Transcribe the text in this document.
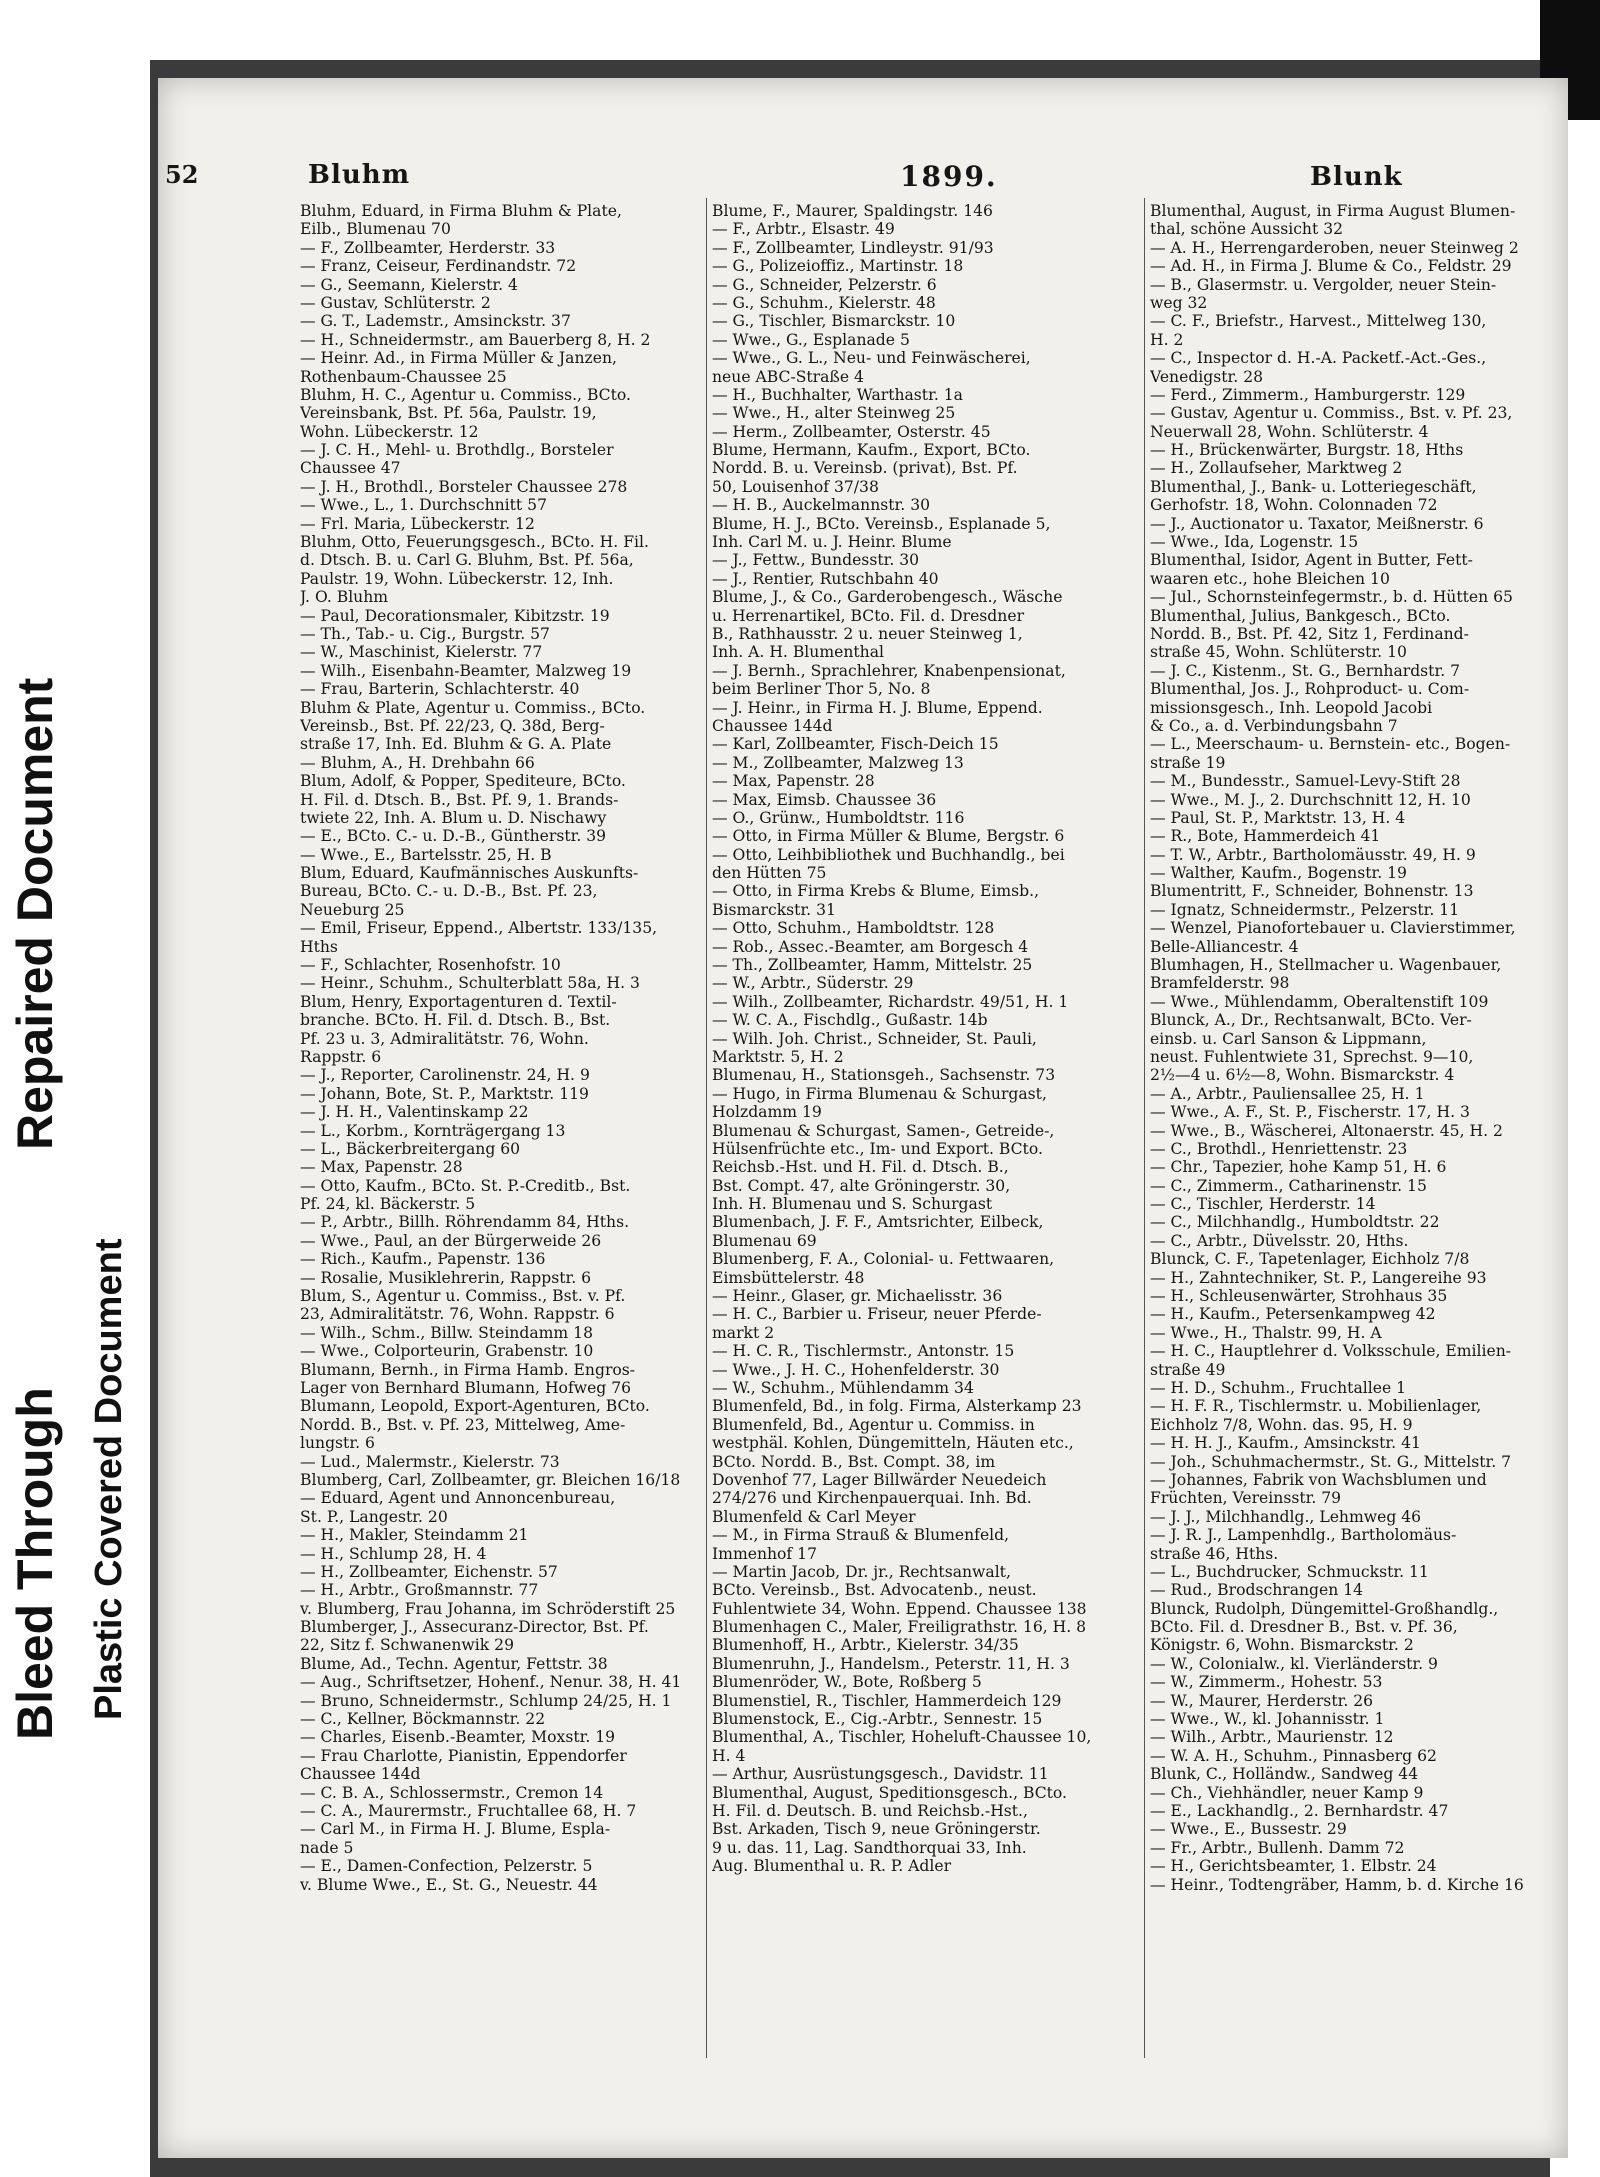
Bleed Through
Repaired Document
Plastic Covered Document
52	Bluhm	1899.	Blunk
Bluhm, Eduard, in Firma Bluhm & Plate,
Eilb., Blumenau 70
— F., Zollbeamter, Herderstr. 33
— Franz, Ceiseur, Ferdinandstr. 72
— G., Seemann, Kielerstr. 4
— Gustav, Schlüterstr. 2
— G. T., Lademstr., Amsinckstr. 37
— H., Schneidermstr., am Bauerberg 8, H. 2
— Heinr. Ad., in Firma Müller & Janzen,
Rothenbaum-Chaussee 25
Bluhm, H. C., Agentur u. Commiss., BCto.
Vereinsbank, Bst. Pf. 56a, Paulstr. 19,
Wohn. Lübeckerstr. 12
— J. C. H., Mehl- u. Brothdlg., Borsteler
Chaussee 47
— J. H., Brothdl., Borsteler Chaussee 278
— Wwe., L., 1. Durchschnitt 57
— Frl. Maria, Lübeckerstr. 12
Bluhm, Otto, Feuerungsgesch., BCto. H. Fil.
d. Dtsch. B. u. Carl G. Bluhm, Bst. Pf. 56a,
Paulstr. 19, Wohn. Lübeckerstr. 12, Inh.
J. O. Bluhm
— Paul, Decorationsmaler, Kibitzstr. 19
— Th., Tab.- u. Cig., Burgstr. 57
— W., Maschinist, Kielerstr. 77
— Wilh., Eisenbahn-Beamter, Malzweg 19
— Frau, Barterin, Schlachterstr. 40
Bluhm & Plate, Agentur u. Commiss., BCto.
Vereinsb., Bst. Pf. 22/23, Q. 38d, Berg-
straße 17, Inh. Ed. Bluhm & G. A. Plate
— Bluhm, A., H. Drehbahn 66
Blum, Adolf, & Popper, Spediteure, BCto.
H. Fil. d. Dtsch. B., Bst. Pf. 9, 1. Brands-
twiete 22, Inh. A. Blum u. D. Nischawy
— E., BCto. C.- u. D.-B., Güntherstr. 39
— Wwe., E., Bartelsstr. 25, H. B
Blum, Eduard, Kaufmännisches Auskunfts-
Bureau, BCto. C.- u. D.-B., Bst. Pf. 23,
Neueburg 25
— Emil, Friseur, Eppend., Albertstr. 133/135,
Hths
— F., Schlachter, Rosenhofstr. 10
— Heinr., Schuhm., Schulterblatt 58a, H. 3
Blum, Henry, Exportagenturen d. Textil-
branche. BCto. H. Fil. d. Dtsch. B., Bst.
Pf. 23 u. 3, Admiralitätstr. 76, Wohn.
Rappstr. 6
— J., Reporter, Carolinenstr. 24, H. 9
— Johann, Bote, St. P., Marktstr. 119
— J. H. H., Valentinskamp 22
— L., Korbm., Kornträgergang 13
— L., Bäckerbreitergang 60
— Max, Papenstr. 28
— Otto, Kaufm., BCto. St. P.-Creditb., Bst.
Pf. 24, kl. Bäckerstr. 5
— P., Arbtr., Billh. Röhrendamm 84, Hths.
— Wwe., Paul, an der Bürgerweide 26
— Rich., Kaufm., Papenstr. 136
— Rosalie, Musiklehrerin, Rappstr. 6
Blum, S., Agentur u. Commiss., Bst. v. Pf.
23, Admiralitätstr. 76, Wohn. Rappstr. 6
— Wilh., Schm., Billw. Steindamm 18
— Wwe., Colporteurin, Grabenstr. 10
Blumann, Bernh., in Firma Hamb. Engros-
Lager von Bernhard Blumann, Hofweg 76
Blumann, Leopold, Export-Agenturen, BCto.
Nordd. B., Bst. v. Pf. 23, Mittelweg, Ame-
lungstr. 6
— Lud., Malermstr., Kielerstr. 73
Blumberg, Carl, Zollbeamter, gr. Bleichen 16/18
— Eduard, Agent und Annoncenbureau,
St. P., Langestr. 20
— H., Makler, Steindamm 21
— H., Schlump 28, H. 4
— H., Zollbeamter, Eichenstr. 57
— H., Arbtr., Großmannstr. 77
v. Blumberg, Frau Johanna, im Schröderstift 25
Blumberger, J., Assecuranz-Director, Bst. Pf.
22, Sitz f. Schwanenwik 29
Blume, Ad., Techn. Agentur, Fettstr. 38
— Aug., Schriftsetzer, Hohenf., Nenur. 38, H. 41
— Bruno, Schneidermstr., Schlump 24/25, H. 1
— C., Kellner, Böckmannstr. 22
— Charles, Eisenb.-Beamter, Moxstr. 19
— Frau Charlotte, Pianistin, Eppendorfer
Chaussee 144d
— C. B. A., Schlossermstr., Cremon 14
— C. A., Maurermstr., Fruchtallee 68, H. 7
— Carl M., in Firma H. J. Blume, Espla-
nade 5
— E., Damen-Confection, Pelzerstr. 5
v. Blume Wwe., E., St. G., Neuestr. 44
Blume, F., Maurer, Spaldingstr. 146
— F., Arbtr., Elsastr. 49
— F., Zollbeamter, Lindleystr. 91/93
— G., Polizeioffiz., Martinstr. 18
— G., Schneider, Pelzerstr. 6
— G., Schuhm., Kielerstr. 48
— G., Tischler, Bismarckstr. 10
— Wwe., G., Esplanade 5
— Wwe., G. L., Neu- und Feinwäscherei,
neue ABC-Straße 4
— H., Buchhalter, Warthastr. 1a
— Wwe., H., alter Steinweg 25
— Herm., Zollbeamter, Osterstr. 45
Blume, Hermann, Kaufm., Export, BCto.
Nordd. B. u. Vereinsb. (privat), Bst. Pf.
50, Louisenhof 37/38
— H. B., Auckelmannstr. 30
Blume, H. J., BCto. Vereinsb., Esplanade 5,
Inh. Carl M. u. J. Heinr. Blume
— J., Fettw., Bundesstr. 30
— J., Rentier, Rutschbahn 40
Blume, J., & Co., Garderobengesch., Wäsche
u. Herrenartikel, BCto. Fil. d. Dresdner
B., Rathhausstr. 2 u. neuer Steinweg 1,
Inh. A. H. Blumenthal
— J. Bernh., Sprachlehrer, Knabenpensionat,
beim Berliner Thor 5, No. 8
— J. Heinr., in Firma H. J. Blume, Eppend.
Chaussee 144d
— Karl, Zollbeamter, Fisch-Deich 15
— M., Zollbeamter, Malzweg 13
— Max, Papenstr. 28
— Max, Eimsb. Chaussee 36
— O., Grünw., Humboldtstr. 116
— Otto, in Firma Müller & Blume, Bergstr. 6
— Otto, Leihbibliothek und Buchhandlg., bei
den Hütten 75
— Otto, in Firma Krebs & Blume, Eimsb.,
Bismarckstr. 31
— Otto, Schuhm., Hamboldtstr. 128
— Rob., Assec.-Beamter, am Borgesch 4
— Th., Zollbeamter, Hamm, Mittelstr. 25
— W., Arbtr., Süderstr. 29
— Wilh., Zollbeamter, Richardstr. 49/51, H. 1
— W. C. A., Fischdlg., Gußastr. 14b
— Wilh. Joh. Christ., Schneider, St. Pauli,
Marktstr. 5, H. 2
Blumenau, H., Stationsgeh., Sachsenstr. 73
— Hugo, in Firma Blumenau & Schurgast,
Holzdamm 19
Blumenau & Schurgast, Samen-, Getreide-,
Hülsenfrüchte etc., Im- und Export. BCto.
Reichsb.-Hst. und H. Fil. d. Dtsch. B.,
Bst. Compt. 47, alte Gröningerstr. 30,
Inh. H. Blumenau und S. Schurgast
Blumenbach, J. F. F., Amtsrichter, Eilbeck,
Blumenau 69
Blumenberg, F. A., Colonial- u. Fettwaaren,
Eimsbüttelerstr. 48
— Heinr., Glaser, gr. Michaelisstr. 36
— H. C., Barbier u. Friseur, neuer Pferde-
markt 2
— H. C. R., Tischlermstr., Antonstr. 15
— Wwe., J. H. C., Hohenfelderstr. 30
— W., Schuhm., Mühlendamm 34
Blumenfeld, Bd., in folg. Firma, Alsterkamp 23
Blumenfeld, Bd., Agentur u. Commiss. in
westphäl. Kohlen, Düngemitteln, Häuten etc.,
BCto. Nordd. B., Bst. Compt. 38, im
Dovenhof 77, Lager Billwärder Neuedeich
274/276 und Kirchenpauerquai. Inh. Bd.
Blumenfeld & Carl Meyer
— M., in Firma Strauß & Blumenfeld,
Immenhof 17
— Martin Jacob, Dr. jr., Rechtsanwalt,
BCto. Vereinsb., Bst. Advocatenb., neust.
Fuhlentwiete 34, Wohn. Eppend. Chaussee 138
Blumenhagen C., Maler, Freiligrathstr. 16, H. 8
Blumenhoff, H., Arbtr., Kielerstr. 34/35
Blumenruhn, J., Handelsm., Peterstr. 11, H. 3
Blumenröder, W., Bote, Roßberg 5
Blumenstiel, R., Tischler, Hammerdeich 129
Blumenstock, E., Cig.-Arbtr., Sennestr. 15
Blumenthal, A., Tischler, Hoheluft-Chaussee 10,
H. 4
— Arthur, Ausrüstungsgesch., Davidstr. 11
Blumenthal, August, Speditionsgesch., BCto.
H. Fil. d. Deutsch. B. und Reichsb.-Hst.,
Bst. Arkaden, Tisch 9, neue Gröningerstr.
9 u. das. 11, Lag. Sandthorquai 33, Inh.
Aug. Blumenthal u. R. P. Adler
Blumenthal, August, in Firma August Blumen-
thal, schöne Aussicht 32
— A. H., Herrengarderoben, neuer Steinweg 2
— Ad. H., in Firma J. Blume & Co., Feldstr. 29
— B., Glasermstr. u. Vergolder, neuer Stein-
weg 32
— C. F., Briefstr., Harvest., Mittelweg 130,
H. 2
— C., Inspector d. H.-A. Packetf.-Act.-Ges.,
Venedigstr. 28
— Ferd., Zimmerm., Hamburgerstr. 129
— Gustav, Agentur u. Commiss., Bst. v. Pf. 23,
Neuerwall 28, Wohn. Schlüterstr. 4
— H., Brückenwärter, Burgstr. 18, Hths
— H., Zollaufseher, Marktweg 2
Blumenthal, J., Bank- u. Lotteriegeschäft,
Gerhofstr. 18, Wohn. Colonnaden 72
— J., Auctionator u. Taxator, Meißnerstr. 6
— Wwe., Ida, Logenstr. 15
Blumenthal, Isidor, Agent in Butter, Fett-
waaren etc., hohe Bleichen 10
— Jul., Schornsteinfegermstr., b. d. Hütten 65
Blumenthal, Julius, Bankgesch., BCto.
Nordd. B., Bst. Pf. 42, Sitz 1, Ferdinand-
straße 45, Wohn. Schlüterstr. 10
— J. C., Kistenm., St. G., Bernhardstr. 7
Blumenthal, Jos. J., Rohproduct- u. Com-
missionsgesch., Inh. Leopold Jacobi
& Co., a. d. Verbindungsbahn 7
— L., Meerschaum- u. Bernstein- etc., Bogen-
straße 19
— M., Bundesstr., Samuel-Levy-Stift 28
— Wwe., M. J., 2. Durchschnitt 12, H. 10
— Paul, St. P., Marktstr. 13, H. 4
— R., Bote, Hammerdeich 41
— T. W., Arbtr., Bartholomäusstr. 49, H. 9
— Walther, Kaufm., Bogenstr. 19
Blumentritt, F., Schneider, Bohnenstr. 13
— Ignatz, Schneidermstr., Pelzerstr. 11
— Wenzel, Pianofortebauer u. Clavierstimmer,
Belle-Alliancestr. 4
Blumhagen, H., Stellmacher u. Wagenbauer,
Bramfelderstr. 98
— Wwe., Mühlendamm, Oberaltenstift 109
Blunck, A., Dr., Rechtsanwalt, BCto. Ver-
einsb. u. Carl Sanson & Lippmann,
neust. Fuhlentwiete 31, Sprechst. 9—10,
2½—4 u. 6½—8, Wohn. Bismarckstr. 4
— A., Arbtr., Pauliensallee 25, H. 1
— Wwe., A. F., St. P., Fischerstr. 17, H. 3
— Wwe., B., Wäscherei, Altonaerstr. 45, H. 2
— C., Brothdl., Henriettenstr. 23
— Chr., Tapezier, hohe Kamp 51, H. 6
— C., Zimmerm., Catharinenstr. 15
— C., Tischler, Herderstr. 14
— C., Milchhandlg., Humboldtstr. 22
— C., Arbtr., Düvelsstr. 20, Hths.
Blunck, C. F., Tapetenlager, Eichholz 7/8
— H., Zahntechniker, St. P., Langereihe 93
— H., Schleusenwärter, Strohhaus 35
— H., Kaufm., Petersenkampweg 42
— Wwe., H., Thalstr. 99, H. A
— H. C., Hauptlehrer d. Volksschule, Emilien-
straße 49
— H. D., Schuhm., Fruchtallee 1
— H. F. R., Tischlermstr. u. Mobilienlager,
Eichholz 7/8, Wohn. das. 95, H. 9
— H. H. J., Kaufm., Amsinckstr. 41
— Joh., Schuhmachermstr., St. G., Mittelstr. 7
— Johannes, Fabrik von Wachsblumen und
Früchten, Vereinsstr. 79
— J. J., Milchhandlg., Lehmweg 46
— J. R. J., Lampenhdlg., Bartholomäus-
straße 46, Hths.
— L., Buchdrucker, Schmuckstr. 11
— Rud., Brodschrangen 14
Blunck, Rudolph, Düngemittel-Großhandlg.,
BCto. Fil. d. Dresdner B., Bst. v. Pf. 36,
Königstr. 6, Wohn. Bismarckstr. 2
— W., Colonialw., kl. Vierländerstr. 9
— W., Zimmerm., Hohestr. 53
— W., Maurer, Herderstr. 26
— Wwe., W., kl. Johannisstr. 1
— Wilh., Arbtr., Maurienstr. 12
— W. A. H., Schuhm., Pinnasberg 62
Blunk, C., Holländw., Sandweg 44
— Ch., Viehhändler, neuer Kamp 9
— E., Lackhandlg., 2. Bernhardstr. 47
— Wwe., E., Bussestr. 29
— Fr., Arbtr., Bullenh. Damm 72
— H., Gerichtsbeamter, 1. Elbstr. 24
— Heinr., Todtengräber, Hamm, b. d. Kirche 16
